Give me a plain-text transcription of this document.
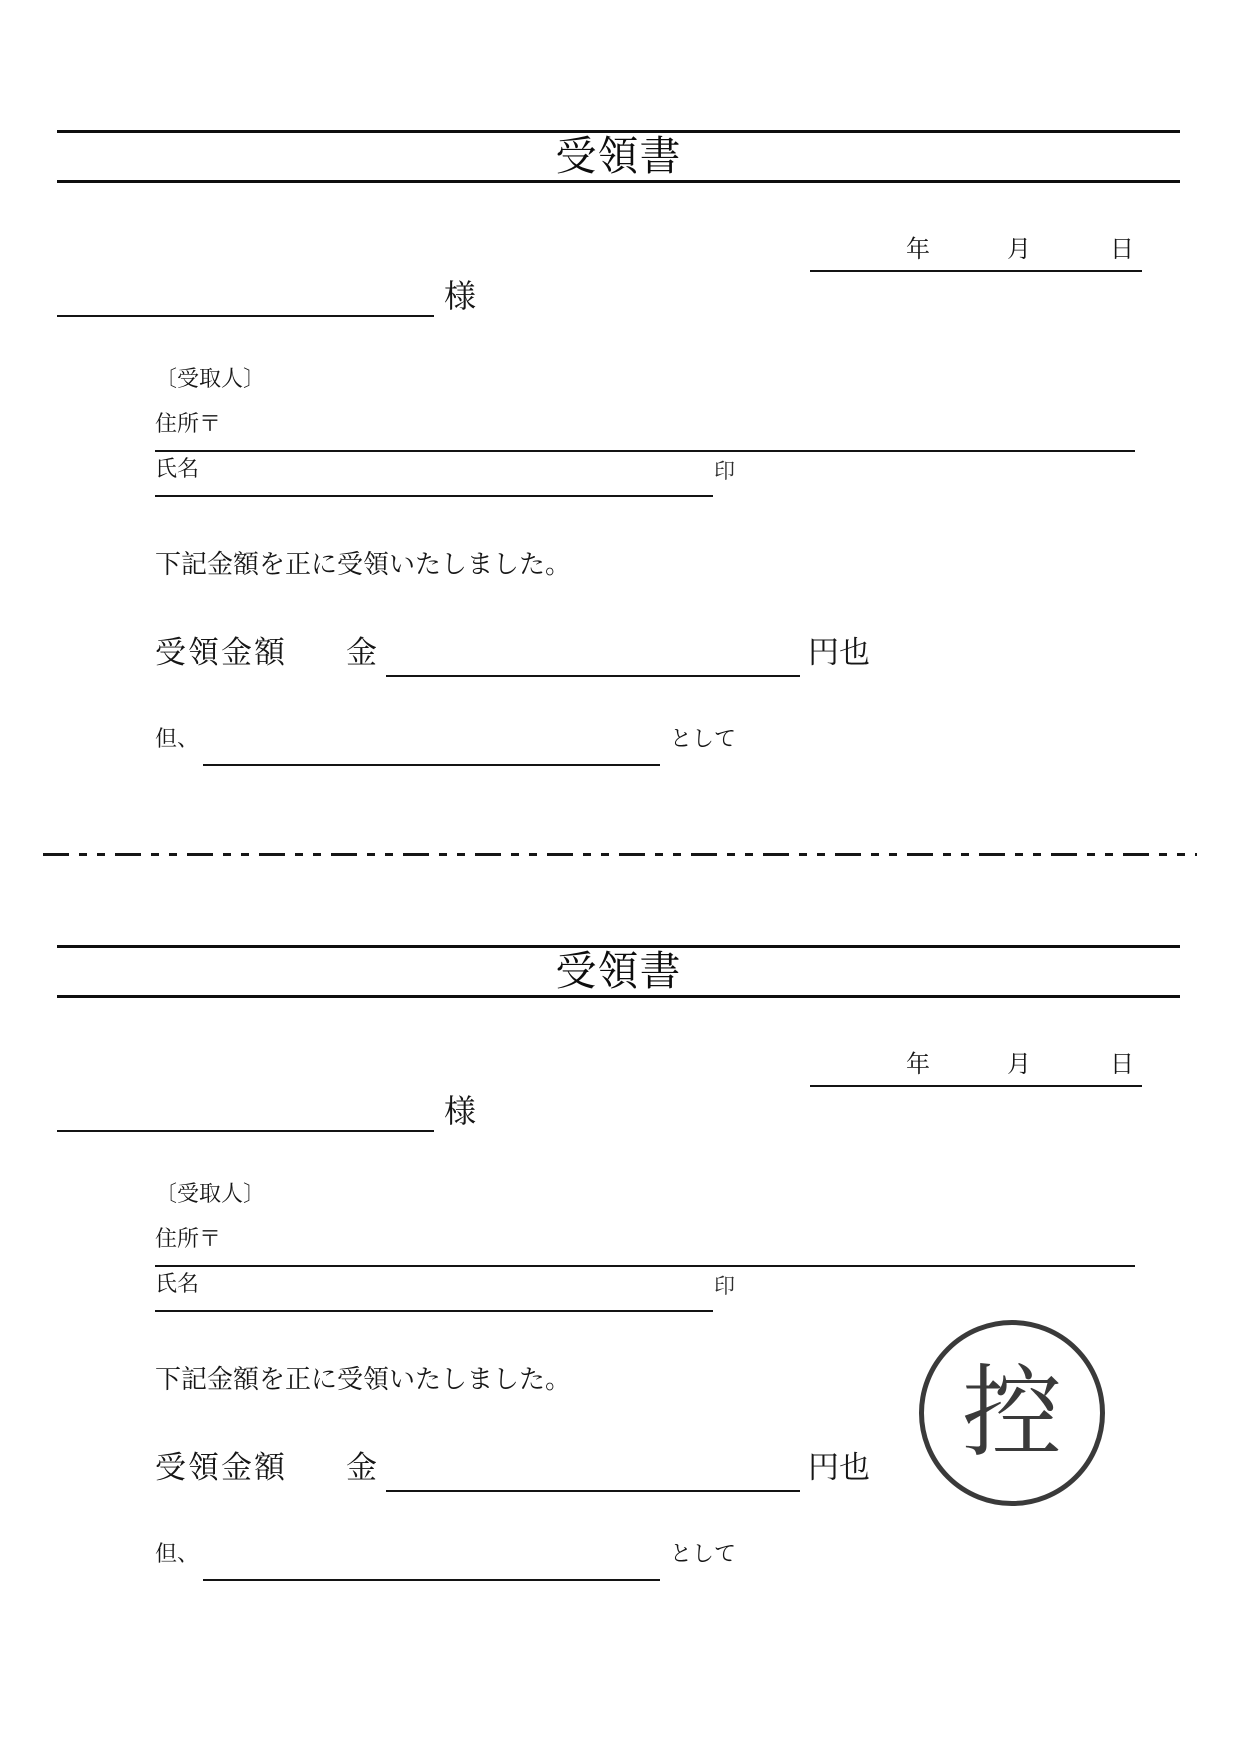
受領書
年	月	日
様
〔受取人〕
住所〒
氏名	印
下記金額を正に受領いたしました。
受領金額 金	円也
但、	として
受領書
年	月	日
様
〔受取人〕
住所〒
氏名	印
下記金額を正に受領いたしました。
受領金額 金	円也
但、	として
控
